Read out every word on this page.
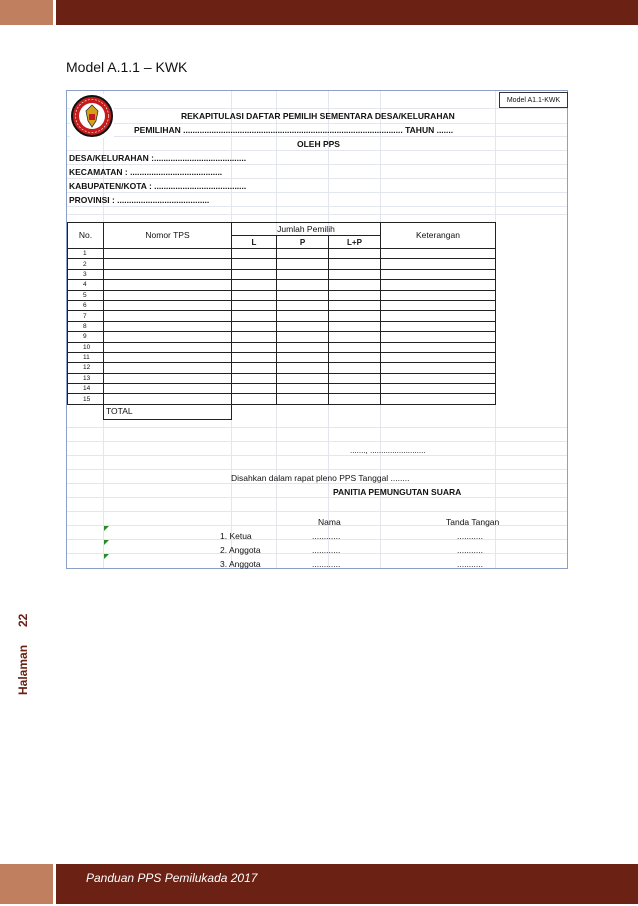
Panduan PPS Pemilukada 2017
Halaman
22
Model A.1.1 – KWK
Model A1.1-KWK
REKAPITULASI DAFTAR PEMILIH SEMENTARA DESA/KELURAHAN
PEMILIHAN ............................................................................................. TAHUN .......
OLEH PPS
DESA/KELURAHAN :.......................................
KECAMATAN : .......................................
KABUPATEN/KOTA : .......................................
PROVINSI : .......................................
No.	Nomor TPS	Jumlah Pemilih			Keterangan
		L	P	L+P	
1					
2					
3					
4					
5					
6					
7					
8					
9					
10					
11					
12					
13					
14					
15					
	TOTAL				
......., .........................
Disahkan dalam rapat pleno PPS Tanggal ........
PANITIA PEMUNGUTAN SUARA
Nama	Tanda Tangan
1. Ketua	............	...........
2. Anggota	............	...........
3. Anggota	............	...........
